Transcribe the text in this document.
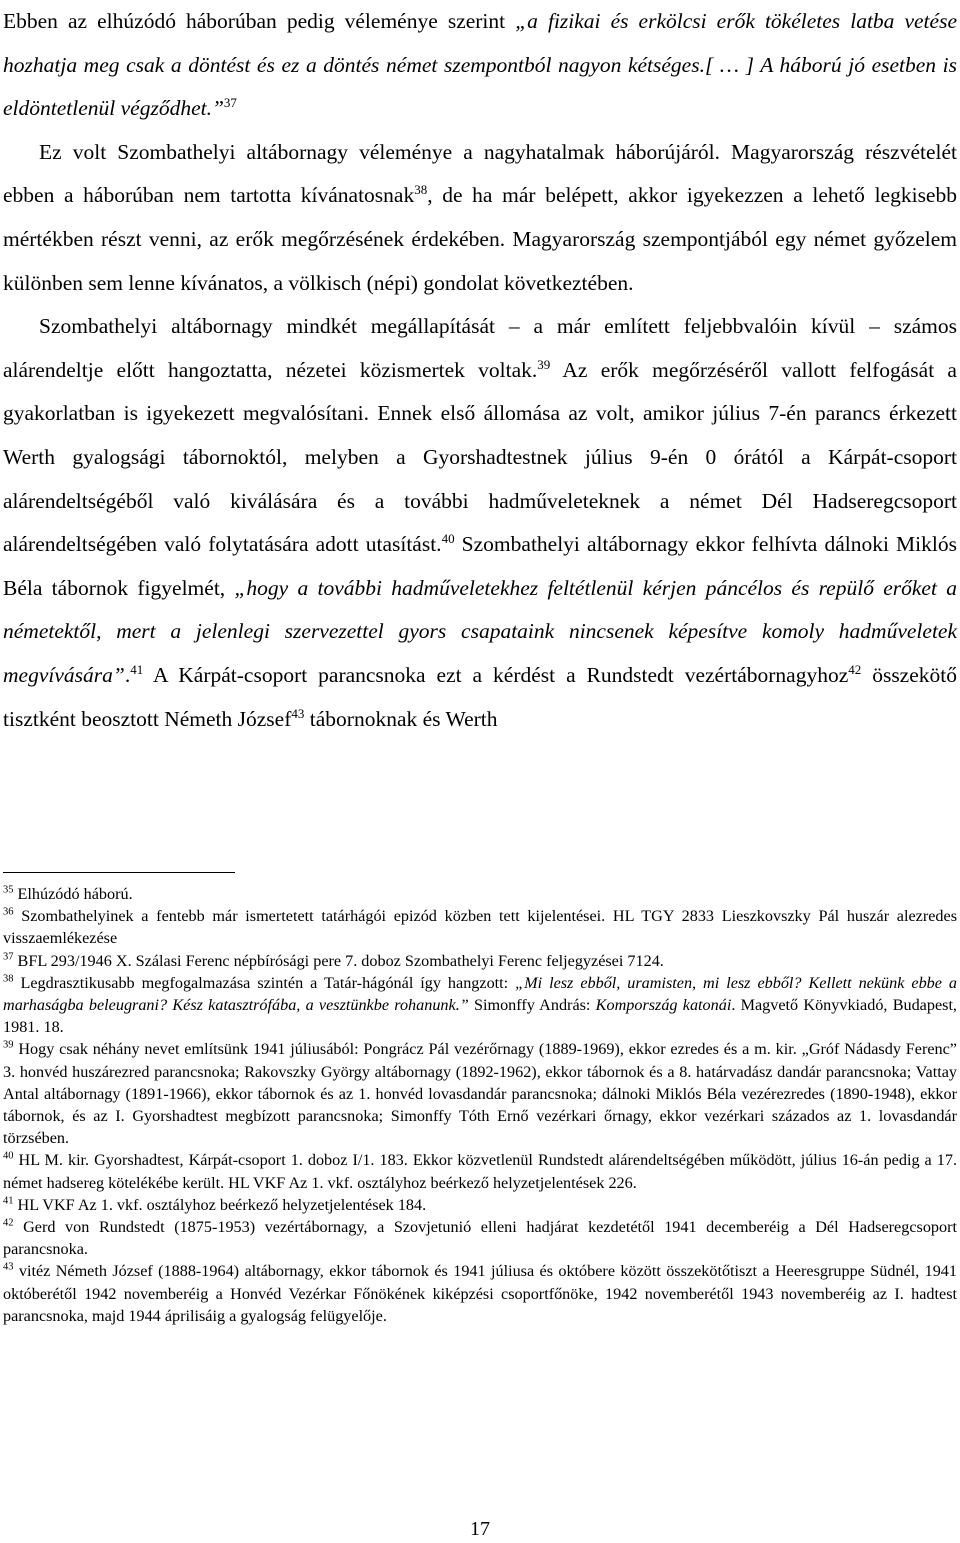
Ebben az elhúzódó háborúban pedig véleménye szerint „a fizikai és erkölcsi erők tökéletes latba vetése hozhatja meg csak a döntést és ez a döntés német szempontból nagyon kétséges.[ … ] A háború jó esetben is eldöntetlenül végződhet.”$^{37}$

Ez volt Szombathelyi altábornagy véleménye a nagyhatalmak háborújáról. Magyarország részvételét ebben a háborúban nem tartotta kívánatosnak$^{38}$, de ha már belépett, akkor igyekezzen a lehető legkisebb mértékben részt venni, az erők megőrzésének érdekében. Magyarország szempontjából egy német győzelem különben sem lenne kívánatos, a völkisch (népi) gondolat következtében.

Szombathelyi altábornagy mindkét megállapítását – a már említett feljebbvalóin kívül – számos alárendeltje előtt hangoztatta, nézetei közismertek voltak.$^{39}$ Az erők megőrzéséről vallott felfogását a gyakorlatban is igyekezett megvalósítani. Ennek első állomása az volt, amikor július 7-én parancs érkezett Werth gyalogsági tábornoktól, melyben a Gyorshadtestnek július 9-én 0 órától a Kárpát-csoport alárendeltségéből való kiválására és a további hadműveleteknek a német Dél Hadseregcsoport alárendeltségében való folytatására adott utasítást.$^{40}$ Szombathelyi altábornagy ekkor felhívta dálnoki Miklós Béla tábornok figyelmét, „hogy a további hadműveletekhez feltétlenül kérjen páncélos és repülő erőket a németektől, mert a jelenlegi szervezettel gyors csapataink nincsenek képesítve komoly hadműveletek megvívására”.$^{41}$ A Kárpát-csoport parancsnoka ezt a kérdést a Rundstedt vezértábornagyhoz$^{42}$ összekötő tisztként beosztott Németh József$^{43}$ tábornoknak és Werth

$^{35}$ Elhúzódó háború.

$^{36}$ Szombathelyinek a fentebb már ismertetett tatárhágói epizód közben tett kijelentései. HL TGY 2833 Lieszkovszky Pál huszár alezredes visszaemlékezése

$^{37}$ BFL 293/1946 X. Szálasi Ferenc népbírósági pere 7. doboz Szombathelyi Ferenc feljegyzései 7124.

$^{38}$ Legdrasztikusabb megfogalmazása szintén a Tatár-hágónál így hangzott: „Mi lesz ebből, uramisten, mi lesz ebből? Kellett nekünk ebbe a marhaságba beleugrani? Kész katasztrófába, a vesztünkbe rohanunk.” Simonffy András: Kompország katonái. Magvető Könyvkiadó, Budapest, 1981. 18.

$^{39}$ Hogy csak néhány nevet említsünk 1941 júliusából: Pongrácz Pál vezérőrnagy (1889-1969), ekkor ezredes és a m. kir. „Gróf Nádasdy Ferenc” 3. honvéd huszárezred parancsnoka; Rakovszky György altábornagy (1892-1962), ekkor tábornok és a 8. határvadász dandár parancsnoka; Vattay Antal altábornagy (1891-1966), ekkor tábornok és az 1. honvéd lovasdandár parancsnoka; dálnoki Miklós Béla vezérezredes (1890-1948), ekkor tábornok, és az I. Gyorshadtest megbízott parancsnoka; Simonffy Tóth Ernő vezérkari őrnagy, ekkor vezérkari százados az 1. lovasdandár törzsében.

$^{40}$ HL M. kir. Gyorshadtest, Kárpát-csoport 1. doboz I/1. 183. Ekkor közvetlenül Rundstedt alárendeltségében működött, július 16-án pedig a 17. német hadsereg kötelékébe került. HL VKF Az 1. vkf. osztályhoz beérkező helyzetjelentések 226.

$^{41}$ HL VKF Az 1. vkf. osztályhoz beérkező helyzetjelentések 184.

$^{42}$ Gerd von Rundstedt (1875-1953) vezértábornagy, a Szovjetunió elleni hadjárat kezdetétől 1941 decemberéig a Dél Hadseregcsoport parancsnoka.

$^{43}$ vitéz Németh József (1888-1964) altábornagy, ekkor tábornok és 1941 júliusa és októbere között összekötőtiszt a Heeresgruppe Südnél, 1941 októberétől 1942 novemberéig a Honvéd Vezérkar Főnökének kiképzési csoportfőnöke, 1942 novemberétől 1943 novemberéig az I. hadtest parancsnoka, majd 1944 áprilisáig a gyalogság felügyelője.

17
